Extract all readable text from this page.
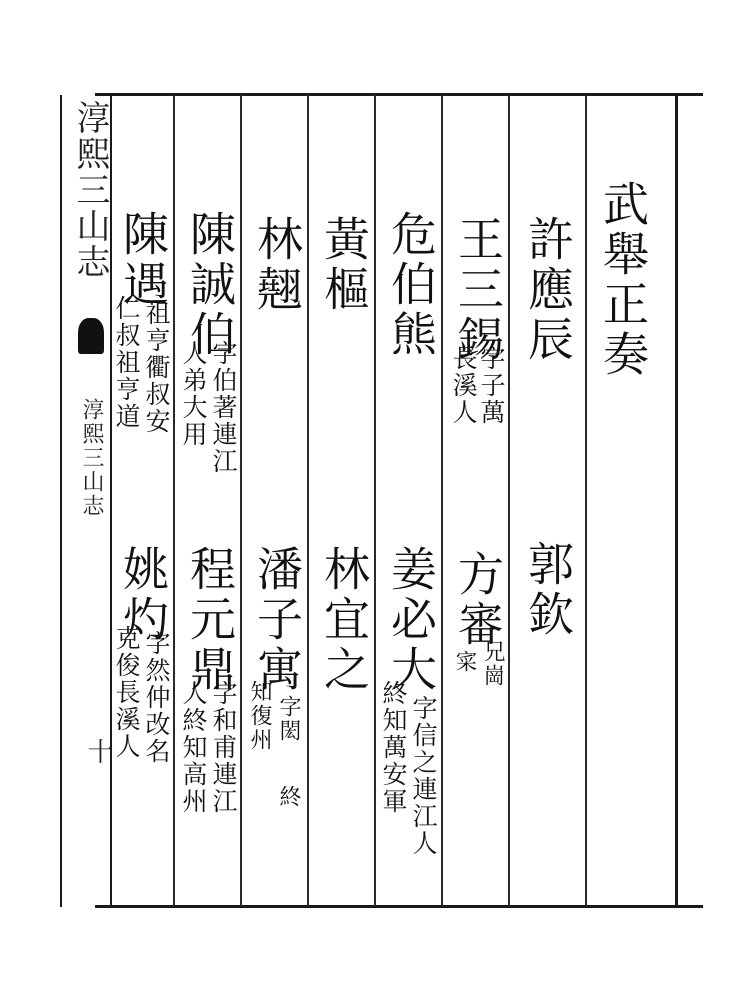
淳熙三山志
淳熙三山志
十
武舉正奏
許應辰
郭欽
王三錫
字子萬
長溪人
方審
兄崗
寀
危伯熊
姜必大
字信之連江人
終知萬安軍
黃樞
林宜之
林翹
潘子寓
字閎
終
知復州
陳誠伯
字伯著連江
人弟大用
程元鼎
字和甫連江
人終知高州
陳遇
祖亨衢叔安
仁叔祖亨道
姚灼
字然仲改名
克俊長溪人
